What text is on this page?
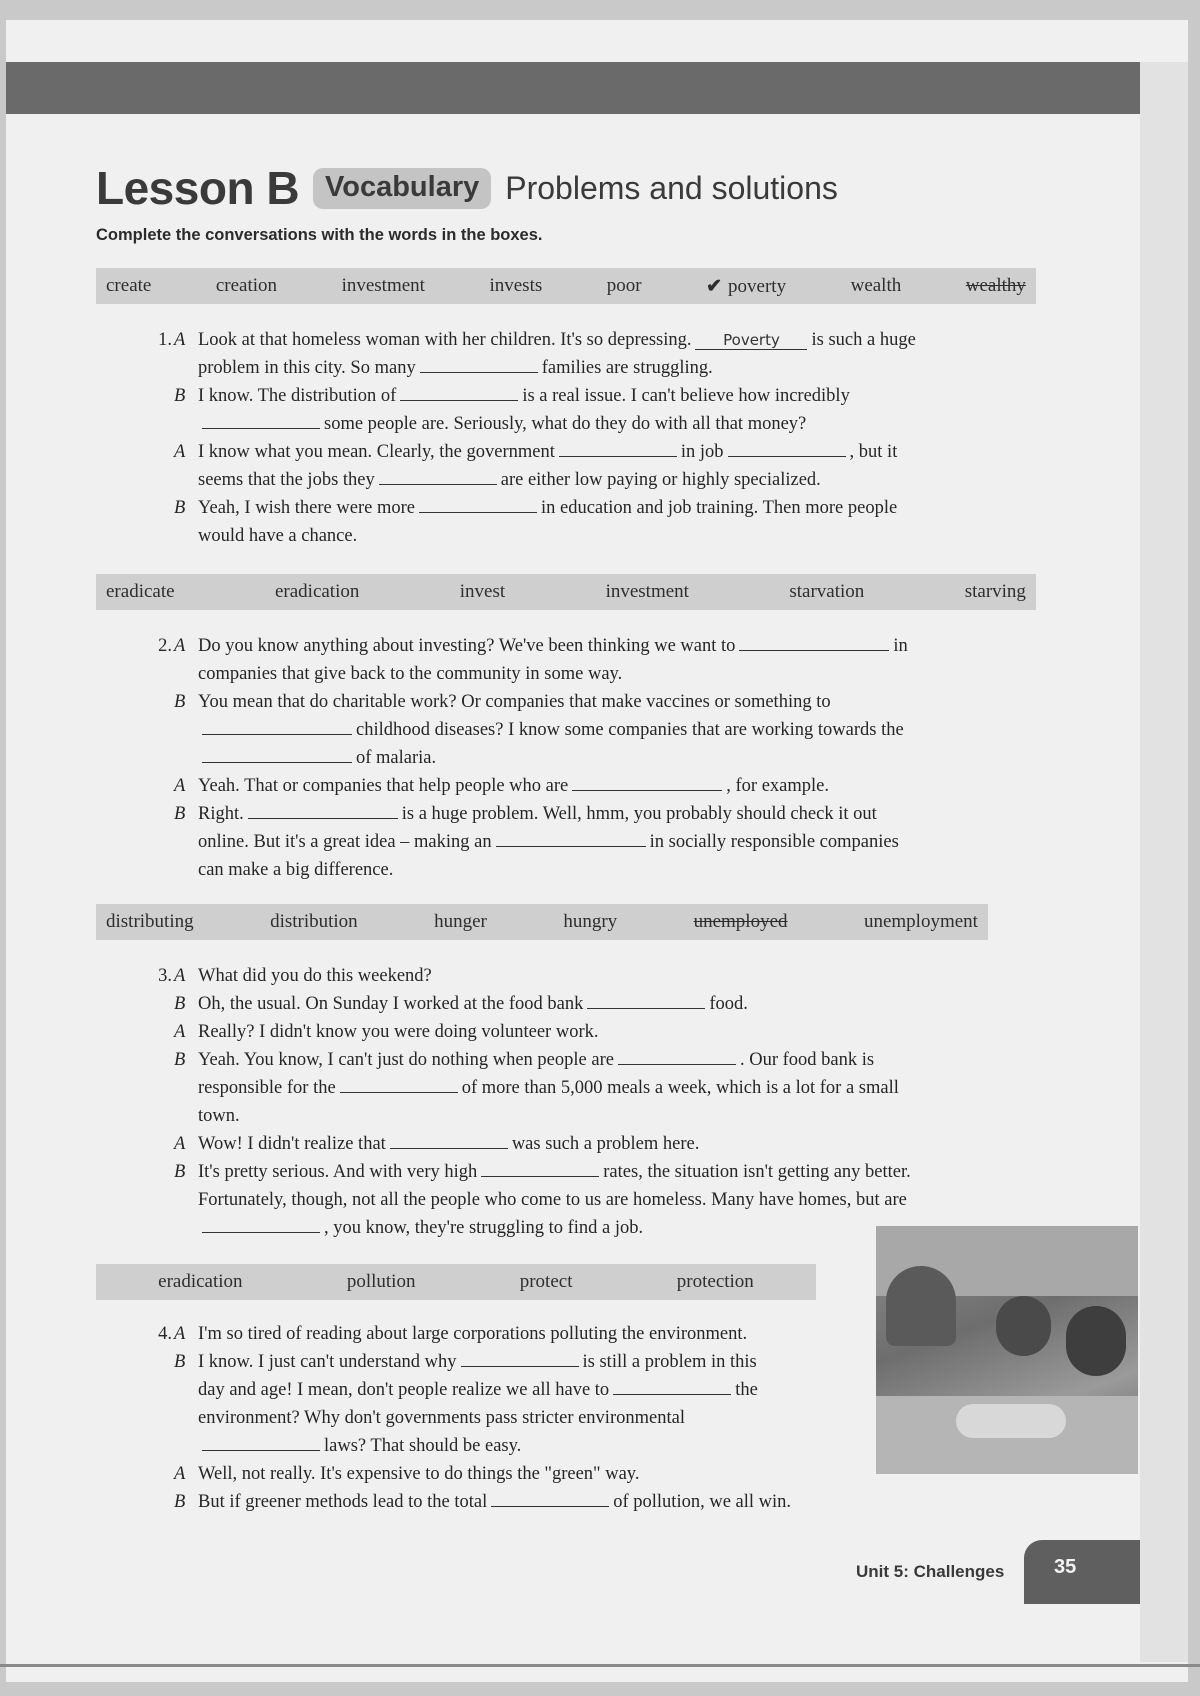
Lesson B Vocabulary Problems and solutions
Complete the conversations with the words in the boxes.
create	creation	investment	invests	poor	✔ poverty	wealth	wealthy
1. A Look at that homeless woman with her children. It's so depressing. Poverty is such a huge
problem in this city. So many	families are struggling.
B I know. The distribution of	is a real issue. I can't believe how incredibly
some people are. Seriously, what do they do with all that money?
A I know what you mean. Clearly, the government	in job	, but it
seems that the jobs they	are either low paying or highly specialized.
B Yeah, I wish there were more	in education and job training. Then more people
would have a chance.
eradicate	eradication	invest	investment	starvation	starving
2. A Do you know anything about investing? We've been thinking we want to	in
companies that give back to the community in some way.
B You mean that do charitable work? Or companies that make vaccines or something to
childhood diseases? I know some companies that are working towards the
of malaria.
A Yeah. That or companies that help people who are	, for example.
B Right.	is a huge problem. Well, hmm, you probably should check it out
online. But it's a great idea – making an	in socially responsible companies
can make a big difference.
distributing	distribution	hunger	hungry	unemployed	unemployment
3. A What did you do this weekend?
B Oh, the usual. On Sunday I worked at the food bank	food.
A Really? I didn't know you were doing volunteer work.
B Yeah. You know, I can't just do nothing when people are	. Our food bank is
responsible for the	of more than 5,000 meals a week, which is a lot for a small
town.
A Wow! I didn't realize that	was such a problem here.
B It's pretty serious. And with very high	rates, the situation isn't getting any better.
Fortunately, though, not all the people who come to us are homeless. Many have homes, but are
, you know, they're struggling to find a job.
eradication	pollution	protect	protection
4. A I'm so tired of reading about large corporations polluting the environment.
B I know. I just can't understand why	is still a problem in this
day and age! I mean, don't people realize we all have to	the
environment? Why don't governments pass stricter environmental
laws? That should be easy.
A Well, not really. It's expensive to do things the "green" way.
B But if greener methods lead to the total	of pollution, we all win.
Unit 5: Challenges 35
